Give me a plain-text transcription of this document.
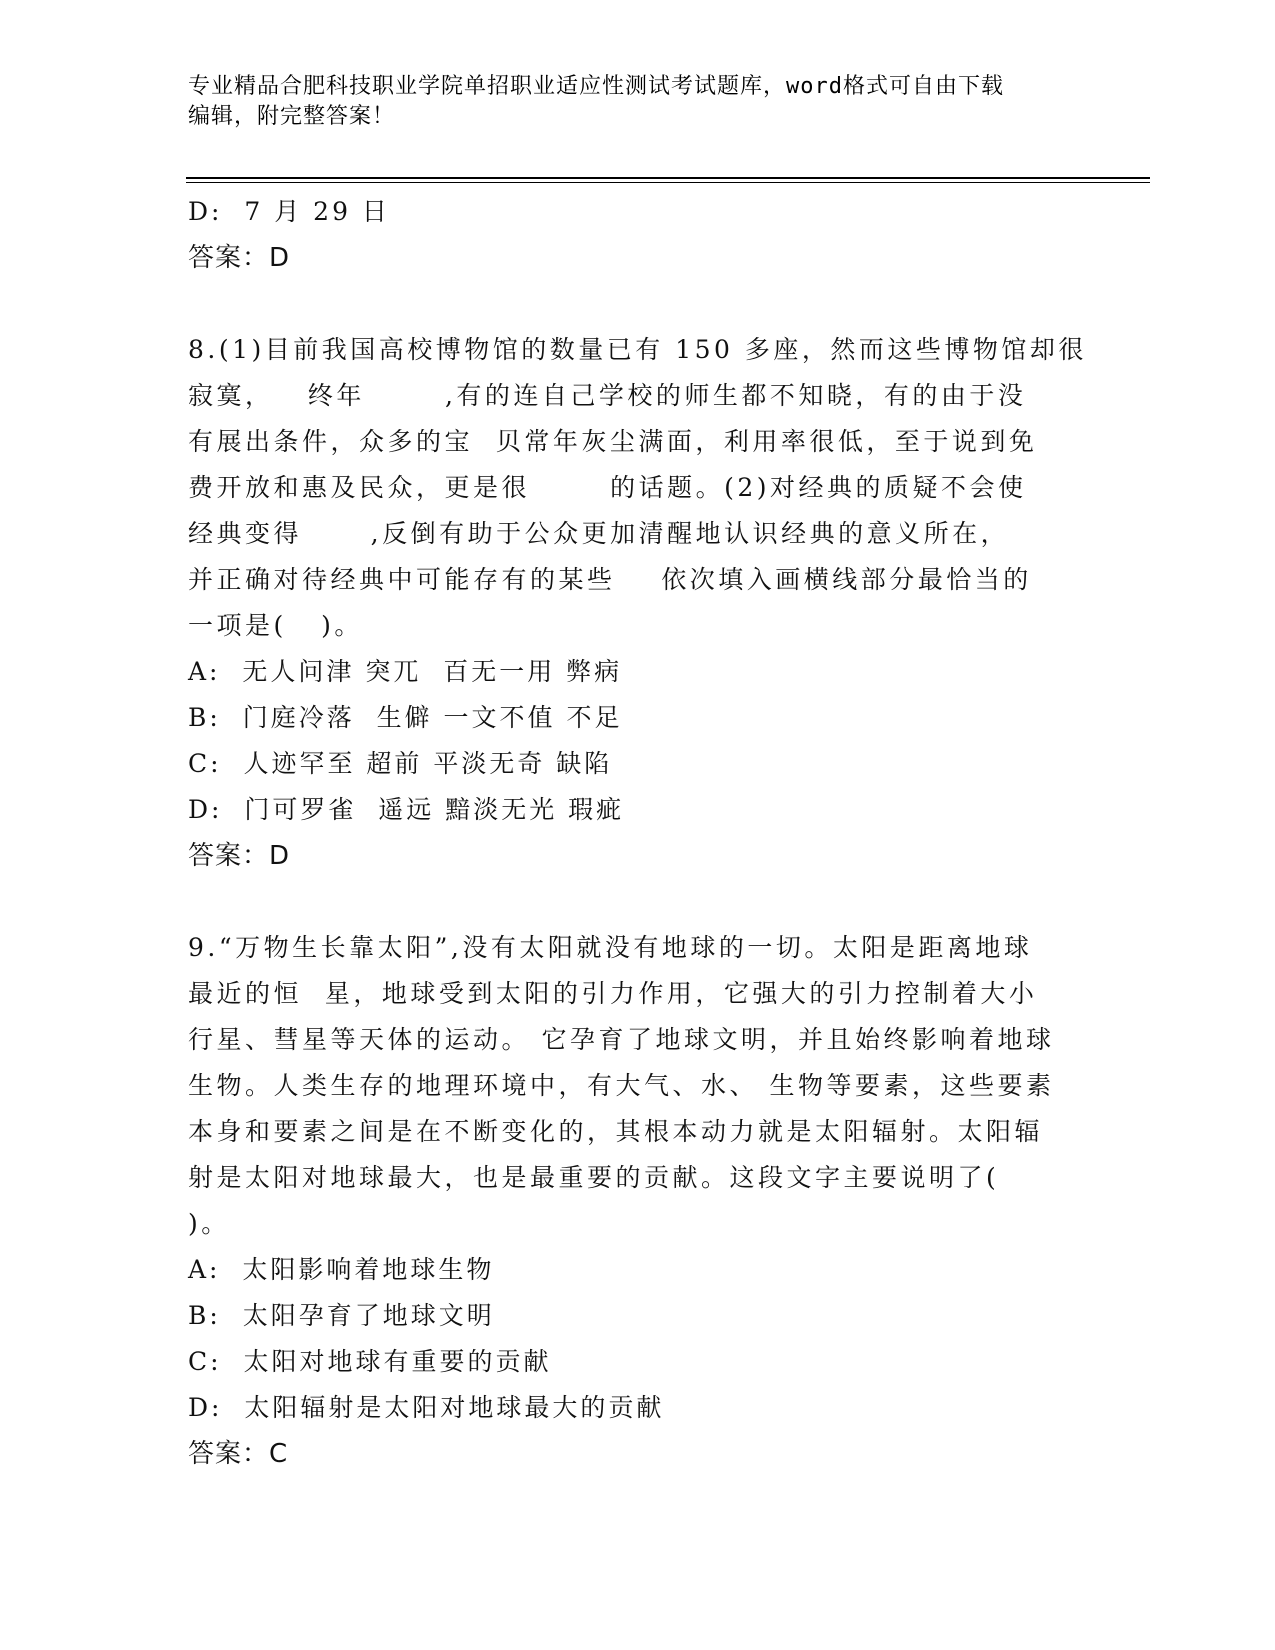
专业精品合肥科技职业学院单招职业适应性测试考试题库，word格式可自由下载
编辑，附完整答案！
D:  7 月 29 日
答案：D
8.(1)目前我国高校博物馆的数量已有 150 多座，然而这些博物馆却很
寂寞，   终年       ,有的连自己学校的师生都不知晓，有的由于没
有展出条件，众多的宝  贝常年灰尘满面，利用率很低，至于说到免
费开放和惠及民众，更是很       的话题。(2)对经典的质疑不会使
经典变得      ,反倒有助于公众更加清醒地认识经典的意义所在，
并正确对待经典中可能存有的某些    依次填入画横线部分最恰当的
一项是(   )。
A:  无人问津 突兀  百无一用 弊病
B:  门庭冷落  生僻 一文不值 不足
C:  人迹罕至 超前 平淡无奇 缺陷
D:  门可罗雀  遥远 黯淡无光 瑕疵
答案：D
9.“万物生长靠太阳”,没有太阳就没有地球的一切。太阳是距离地球
最近的恒  星，地球受到太阳的引力作用，它强大的引力控制着大小
行星、彗星等天体的运动。 它孕育了地球文明，并且始终影响着地球
生物。人类生存的地理环境中，有大气、水、 生物等要素，这些要素
本身和要素之间是在不断变化的，其根本动力就是太阳辐射。太阳辐
射是太阳对地球最大，也是最重要的贡献。这段文字主要说明了(
)。
A:  太阳影响着地球生物
B:  太阳孕育了地球文明
C:  太阳对地球有重要的贡献
D:  太阳辐射是太阳对地球最大的贡献
答案：C
